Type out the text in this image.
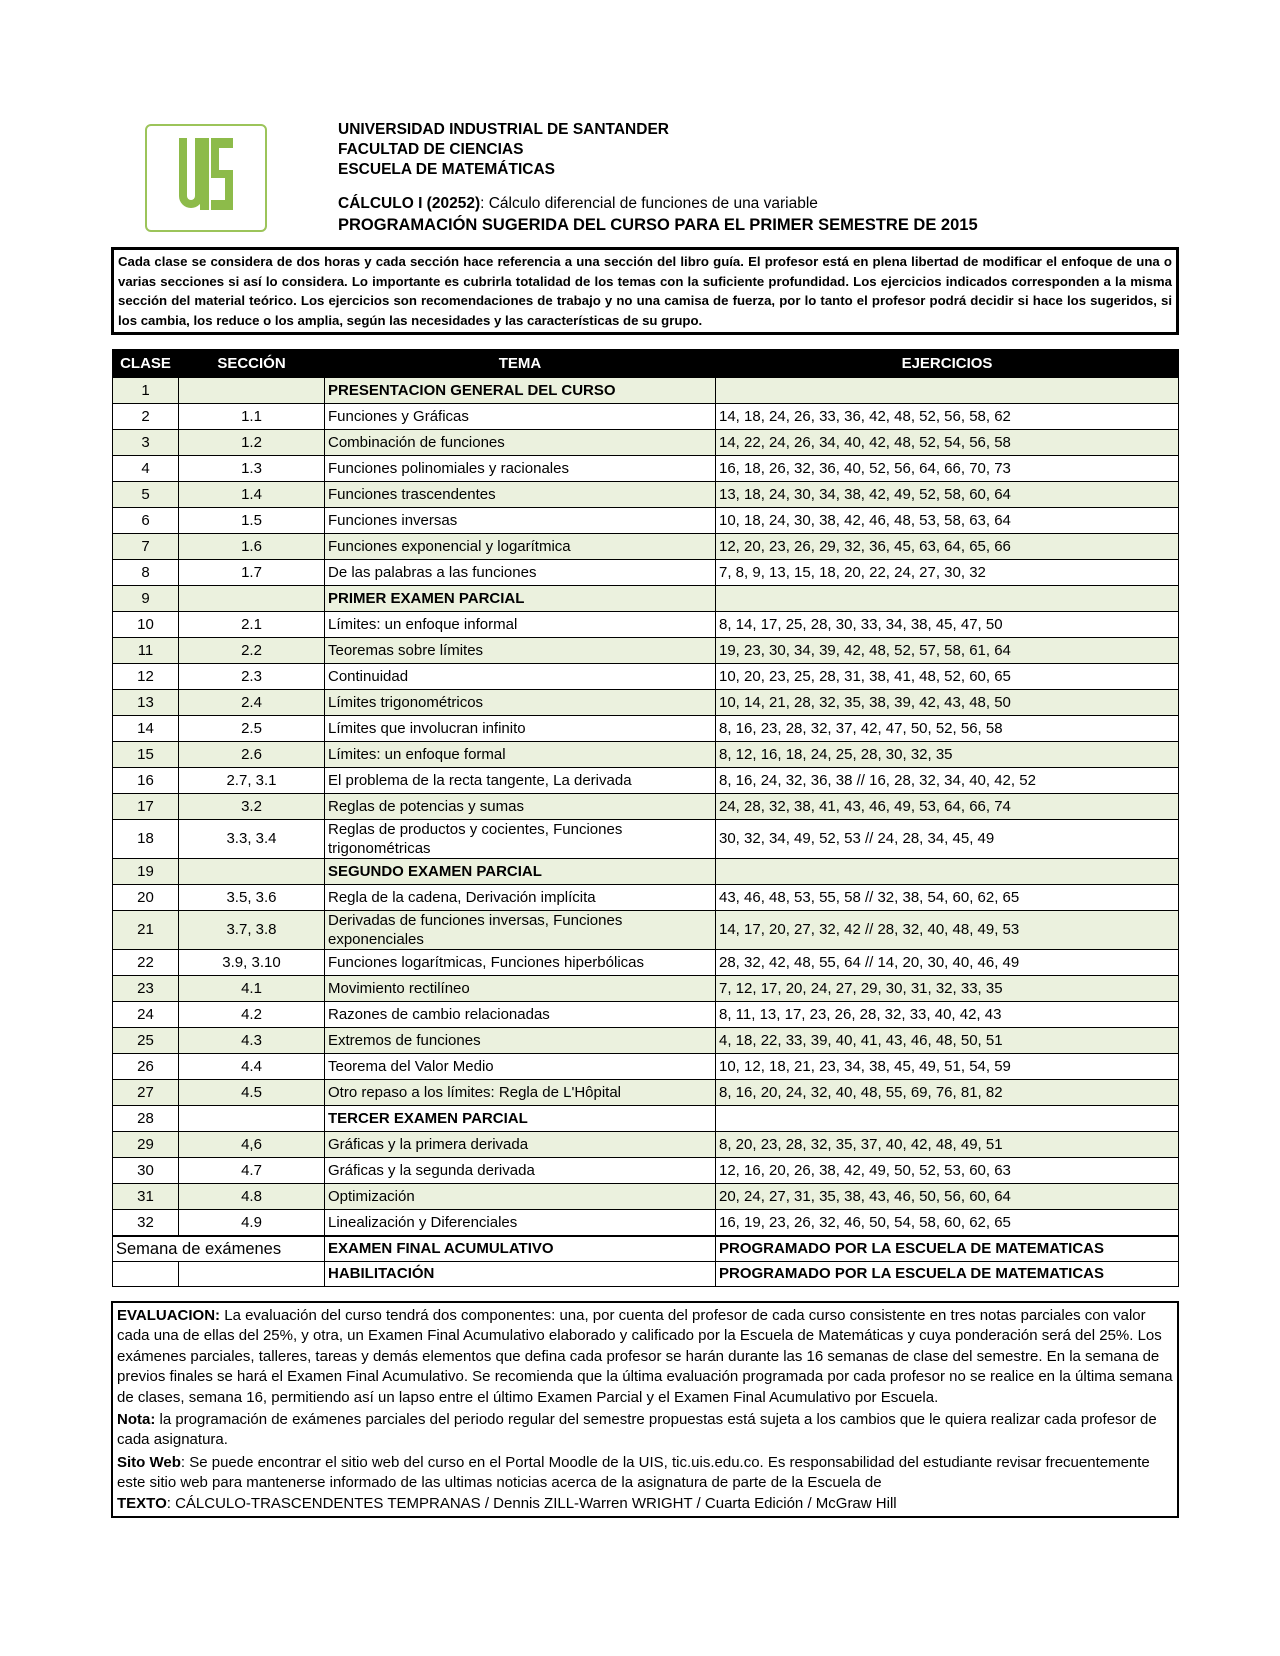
UNIVERSIDAD INDUSTRIAL DE SANTANDER
FACULTAD DE CIENCIAS
ESCUELA DE MATEMÁTICAS
CÁLCULO I (20252): Cálculo diferencial de funciones de una variable
PROGRAMACIÓN SUGERIDA DEL CURSO PARA EL PRIMER SEMESTRE DE 2015
Cada clase se considera de dos horas y cada sección hace referencia a una sección del libro guía. El profesor está en plena libertad de modificar el enfoque de una o varias secciones si así lo considera. Lo importante es cubrirla totalidad de los temas con la suficiente profundidad. Los ejercicios indicados corresponden a la misma sección del material teórico. Los ejercicios son recomendaciones de trabajo y no una camisa de fuerza, por lo tanto el profesor podrá decidir si hace los sugeridos, si los cambia, los reduce o los amplia, según las necesidades y las características de su grupo.
CLASE	SECCIÓN	TEMA	EJERCICIOS
1		PRESENTACION GENERAL DEL CURSO	
2	1.1	Funciones y Gráficas	14, 18, 24, 26, 33, 36, 42, 48, 52, 56, 58, 62
3	1.2	Combinación de funciones	14, 22, 24, 26, 34, 40, 42, 48, 52, 54, 56, 58
4	1.3	Funciones polinomiales y racionales	16, 18, 26, 32, 36, 40, 52, 56, 64, 66, 70, 73
5	1.4	Funciones trascendentes	13, 18, 24, 30, 34, 38, 42, 49, 52, 58, 60, 64
6	1.5	Funciones inversas	10, 18, 24, 30, 38, 42, 46, 48, 53, 58, 63, 64
7	1.6	Funciones exponencial y logarítmica	12, 20, 23, 26, 29, 32, 36, 45, 63, 64, 65, 66
8	1.7	De las palabras a las funciones	7, 8, 9, 13, 15, 18, 20, 22, 24, 27, 30, 32
9		PRIMER EXAMEN PARCIAL	
10	2.1	Límites: un enfoque informal	8, 14, 17, 25, 28, 30, 33, 34, 38, 45, 47, 50
11	2.2	Teoremas sobre límites	19, 23, 30, 34, 39, 42, 48, 52, 57, 58, 61, 64
12	2.3	Continuidad	10, 20, 23, 25, 28, 31, 38, 41, 48, 52, 60, 65
13	2.4	Límites trigonométricos	10, 14, 21, 28, 32, 35, 38, 39, 42, 43, 48, 50
14	2.5	Límites que involucran infinito	8, 16, 23, 28, 32, 37, 42, 47, 50, 52, 56, 58
15	2.6	Límites: un enfoque formal	8, 12, 16, 18, 24, 25, 28, 30, 32, 35
16	2.7, 3.1	El problema de la recta tangente, La derivada	8, 16, 24, 32, 36, 38 // 16, 28, 32, 34, 40, 42, 52
17	3.2	Reglas de potencias y sumas	24, 28, 32, 38, 41, 43, 46, 49, 53, 64, 66, 74
18	3.3, 3.4	Reglas de productos y cocientes, Funciones trigonométricas	30, 32, 34, 49, 52, 53 // 24, 28, 34, 45, 49
19		SEGUNDO EXAMEN PARCIAL	
20	3.5, 3.6	Regla de la cadena, Derivación implícita	43, 46, 48, 53, 55, 58 // 32, 38, 54, 60, 62, 65
21	3.7, 3.8	Derivadas de funciones inversas, Funciones exponenciales	14, 17, 20, 27, 32, 42 // 28, 32, 40, 48, 49, 53
22	3.9, 3.10	Funciones logarítmicas, Funciones hiperbólicas	28, 32, 42, 48, 55, 64 // 14, 20, 30, 40, 46, 49
23	4.1	Movimiento rectilíneo	7, 12, 17, 20, 24, 27, 29, 30, 31, 32, 33, 35
24	4.2	Razones de cambio relacionadas	8, 11, 13, 17, 23, 26, 28, 32, 33, 40, 42, 43
25	4.3	Extremos de funciones	4, 18, 22, 33, 39, 40, 41, 43, 46, 48, 50, 51
26	4.4	Teorema del Valor Medio	10, 12, 18, 21, 23, 34, 38, 45, 49, 51, 54, 59
27	4.5	Otro repaso a los límites: Regla de L'Hôpital	8, 16, 20, 24, 32, 40, 48, 55, 69, 76, 81, 82
28		TERCER EXAMEN PARCIAL	
29	4,6	Gráficas y la primera derivada	8, 20, 23, 28, 32, 35, 37, 40, 42, 48, 49, 51
30	4.7	Gráficas y la segunda derivada	12, 16, 20, 26, 38, 42, 49, 50, 52, 53, 60, 63
31	4.8	Optimización	20, 24, 27, 31, 35, 38, 43, 46, 50, 56, 60, 64
32	4.9	Linealización y Diferenciales	16, 19, 23, 26, 32, 46, 50, 54, 58, 60, 62, 65
Semana de exámenes		EXAMEN FINAL ACUMULATIVO	PROGRAMADO POR LA ESCUELA DE MATEMATICAS
		HABILITACIÓN	PROGRAMADO POR LA ESCUELA DE MATEMATICAS

EVALUACION: La evaluación del curso tendrá dos componentes: una, por cuenta del profesor de cada curso consistente en tres notas parciales con valor cada una de ellas del 25%, y otra, un Examen Final Acumulativo elaborado y calificado por la Escuela de Matemáticas y cuya ponderación será del 25%. Los exámenes parciales, talleres, tareas y demás elementos que defina cada profesor se harán durante las 16 semanas de clase del semestre. En la semana de previos finales se hará el Examen Final Acumulativo. Se recomienda que la última evaluación programada por cada profesor no se realice en la última semana de clases, semana 16, permitiendo así un lapso entre el último Examen Parcial y el Examen Final Acumulativo por Escuela.

Nota: la programación de exámenes parciales del periodo regular del semestre propuestas está sujeta a los cambios que le quiera realizar cada profesor de cada asignatura.

Sito Web: Se puede encontrar el sitio web del curso en el Portal Moodle de la UIS, tic.uis.edu.co. Es responsabilidad del estudiante revisar frecuentemente este sitio web para mantenerse informado de las ultimas noticias acerca de la asignatura de parte de la Escuela de
TEXTO: CÁLCULO-TRASCENDENTES TEMPRANAS / Dennis ZILL-Warren WRIGHT / Cuarta Edición / McGraw Hill
